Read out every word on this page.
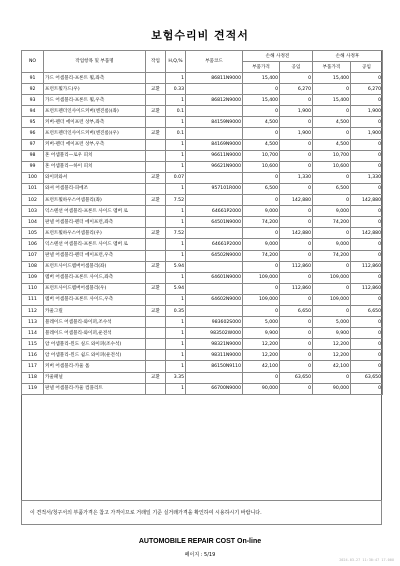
보험수리비 견적서
NO	작업항목 및 부품명	작업	H,Q,%	부품코드	손해 사정전		손해 사정후	
					부품가격	공임	부품가격	공임
91	가드 어셈블리-프론트 휠,좌측		1	86811N9000	15,400	0	15,400	0
92	프런트휠가드(우)	교환	0.33		0	6,270	0	6,270
93	가드 어셈블리-프론트 휠,우측		1	86812N9000	15,400	0	15,400	0
94	프런트펜더인사이드커버(엔진룸)(좌)	교환	0.1		0	1,900	0	1,900
95	커버-펜더 에이프런 상부,좌측		1	84159N9000	4,500	0	4,500	0
96	프런트펜더인사이드커버(엔진룸)(우)	교환	0.1		0	1,900	0	1,900
97	커버-펜더 에이프런 상부,우측		1	84169N9000	4,500	0	4,500	0
98	혼 어셈블리—로우 피치		1	96611N9000	10,700	0	10,700	0
99	혼 어셈블리—하이 피치		1	96621N9000	10,600	0	10,600	0
100	와이퍼와셔	교환	0.07		0	1,330	0	1,330
101	와셔 어셈블리-피에조		1	957101R000	6,500	0	6,500	0
102	프런트휠하우스어셈블리(좌)	교환	7.52		0	142,880	0	142,880
103	익스텐션 어셈블리-프론트 사이드 멤버 로		1	64661P2000	9,000	0	9,000	0
104	판넬 어셈블리-펜더 에이프런,좌측		1	64501N9000	74,200	0	74,200	0
105	프런트휠하우스어셈블리(우)	교환	7.52		0	142,880	0	142,880
106	익스텐션 어셈블리-프론트 사이드 멤버 로		1	64661P2000	9,000	0	9,000	0
107	판넬 어셈블리-펜더 에이프런,우측		1	64502N9000	74,200	0	74,200	0
108	프런트사이드멤버어셈블리(좌)	교환	5.94		0	112,860	0	112,860
109	멤버 어셈블리-프론트 사이드,좌측		1	64601N9000	109,000	0	109,000	0
110	프런트사이드멤버어셈블리(우)	교환	5.94		0	112,860	0	112,860
111	멤버 어셈블리-프론트 사이드,우측		1	64602N9000	109,000	0	109,000	0
112	카울그릴	교환	0.35		0	6,650	0	6,650
113	블레이드 어셈블리-와이퍼,조수석		1	983602S000	5,000	0	5,000	0
114	블레이드 어셈블리-와이퍼,운전석		1	983502W000	9,900	0	9,900	0
115	암 어셈블리-윈도 실드 와이퍼(조수석)		1	98321N9000	12,200	0	12,200	0
116	암 어셈블리-윈드 쉴드 와이퍼(운전석)		1	98311N9000	12,200	0	12,200	0
117	커버 어셈블리-카울 톱		1	86150N9110	42,100	0	42,100	0
118	카울패널	교환	3.35		0	63,650	0	63,650
119	판넬 어셈블리-카울 컴플리트		1	66700N9000	90,000	0	90,000	0
이 견적서/청구서의 부품가격은 참고 가격이므로 거래일 기준 실거래가격을 확인하여 시용하시기 바랍니다.
AUTOMOBILE REPAIR COST On-line
페이지 : 5/19
2024-03-27 11:30:47 17-00U
